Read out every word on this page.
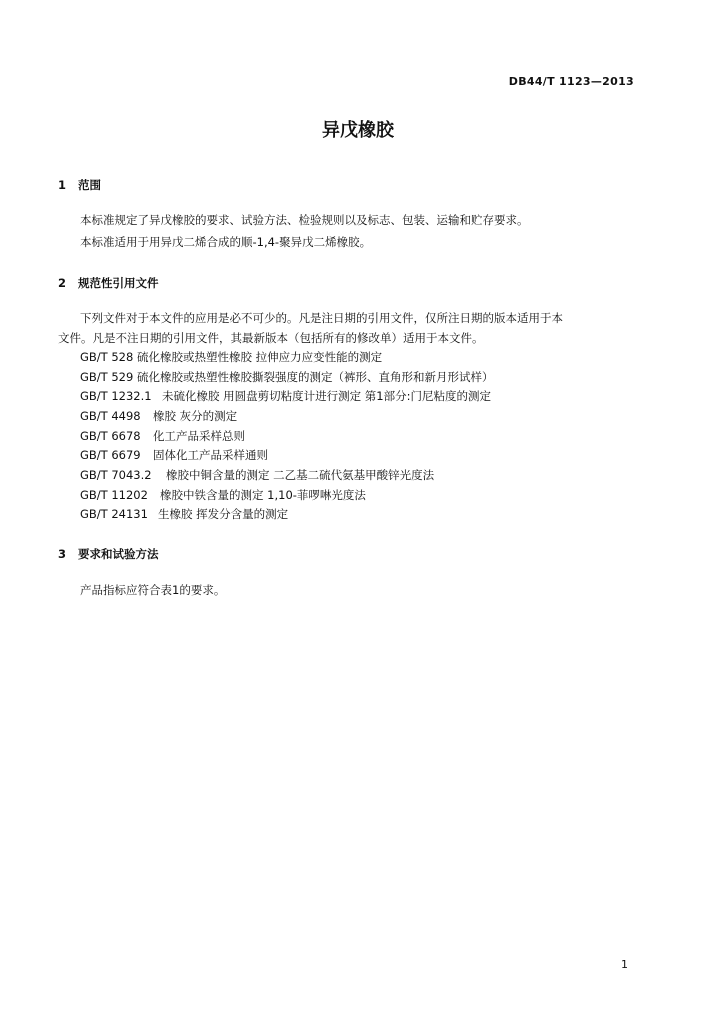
DB44/T 1123—2013
异戊橡胶
1 范围
本标准规定了异戊橡胶的要求、试验方法、检验规则以及标志、包装、运输和贮存要求。
本标准适用于用异戊二烯合成的顺-1,4-聚异戊二烯橡胶。
2 规范性引用文件
下列文件对于本文件的应用是必不可少的。凡是注日期的引用文件，仅所注日期的版本适用于本
文件。凡是不注日期的引用文件，其最新版本（包括所有的修改单）适用于本文件。
GB/T 528 硫化橡胶或热塑性橡胶 拉伸应力应变性能的测定
GB/T 529 硫化橡胶或热塑性橡胶撕裂强度的测定（裤形、直角形和新月形试样）
GB/T 1232.1 未硫化橡胶 用圆盘剪切粘度计进行测定 第1部分:门尼粘度的测定
GB/T 4498 橡胶 灰分的测定
GB/T 6678 化工产品采样总则
GB/T 6679 固体化工产品采样通则
GB/T 7043.2 橡胶中铜含量的测定 二乙基二硫代氨基甲酸锌光度法
GB/T 11202 橡胶中铁含量的测定 1,10-菲啰啉光度法
GB/T 24131 生橡胶 挥发分含量的测定
3 要求和试验方法
产品指标应符合表1的要求。
1
